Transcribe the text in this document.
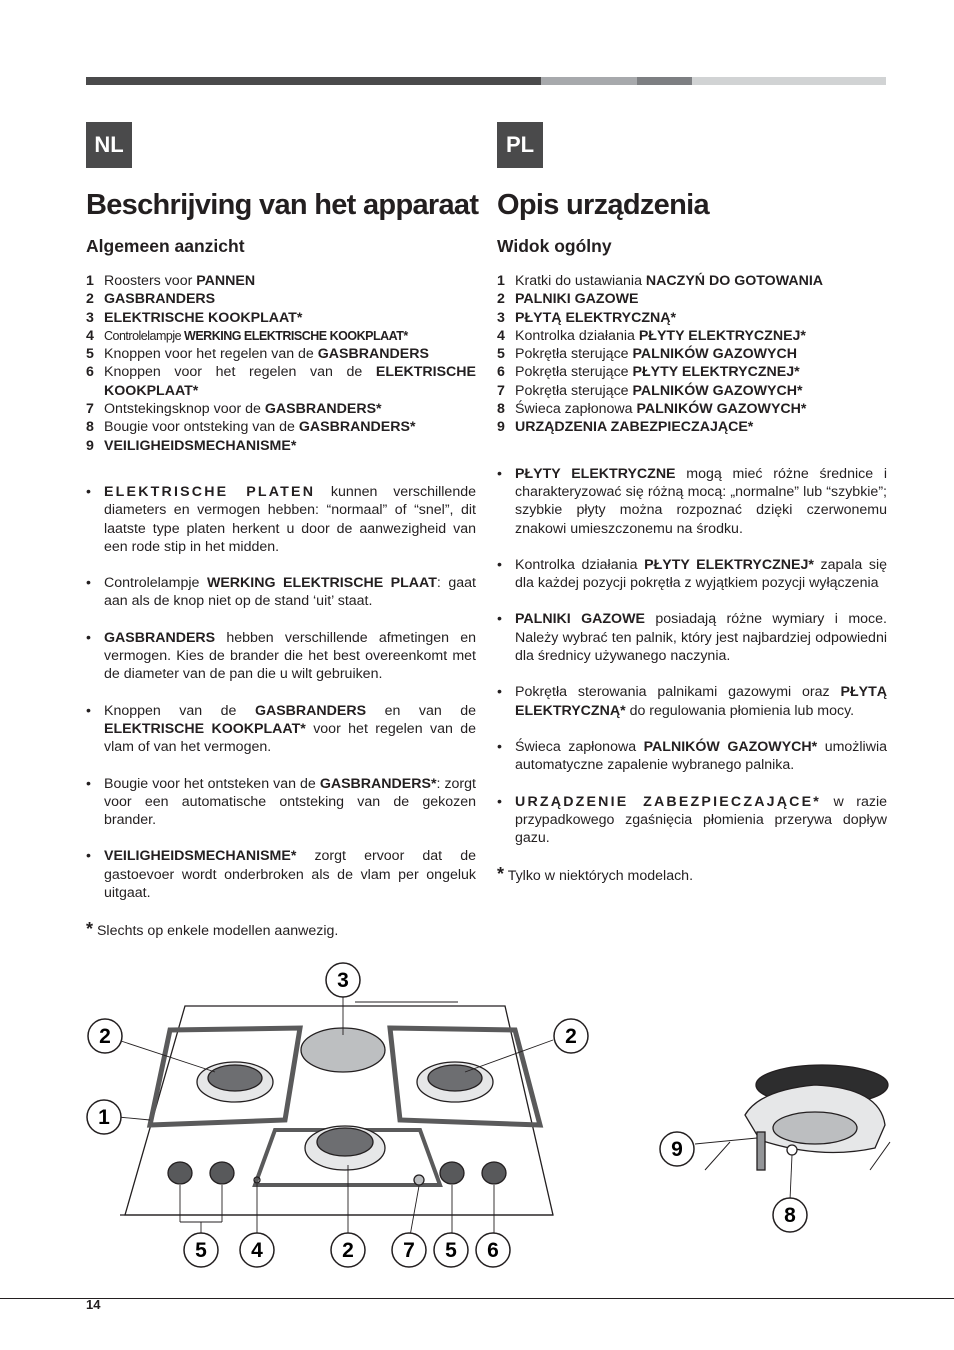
NL
Beschrijving van het apparaat
Algemeen aanzicht
1 Roosters voor PANNEN
2 GASBRANDERS
3 ELEKTRISCHE KOOKPLAAT*
4 Controlelampje WERKING ELEKTRISCHE KOOKPLAAT*
5 Knoppen voor het regelen van de GASBRANDERS
6 Knoppen voor het regelen van de ELEKTRISCHE KOOKPLAAT*
7 Ontstekingsknop voor de GASBRANDERS*
8 Bougie voor ontsteking van de GASBRANDERS*
9 VEILIGHEIDSMECHANISME*
• ELEKTRISCHE PLATEN kunnen verschillende diameters en vermogen hebben: “normaal” of “snel”, dit laatste type platen herkent u door de aanwezigheid van een rode stip in het midden.
• Controlelampje WERKING ELEKTRISCHE PLAAT: gaat aan als de knop niet op de stand ‘uit’ staat.
• GASBRANDERS hebben verschillende afmetingen en vermogen. Kies de brander die het best overeenkomt met de diameter van de pan die u wilt gebruiken.
• Knoppen van de GASBRANDERS en van de ELEKTRISCHE KOOKPLAAT* voor het regelen van de vlam of van het vermogen.
• Bougie voor het ontsteken van de GASBRANDERS*: zorgt voor een automatische ontsteking van de gekozen brander.
• VEILIGHEIDSMECHANISME* zorgt ervoor dat de gastoevoer wordt onderbroken als de vlam per ongeluk uitgaat.
* Slechts op enkele modellen aanwezig.
PL
Opis urządzenia
Widok ogólny
1 Kratki do ustawiania NACZYŃ DO GOTOWANIA
2 PALNIKI GAZOWE
3 PŁYTĄ ELEKTRYCZNĄ*
4 Kontrolka działania PŁYTY ELEKTRYCZNEJ*
5 Pokrętła sterujące PALNIKÓW GAZOWYCH
6 Pokrętła sterujące PŁYTY ELEKTRYCZNEJ*
7 Pokrętła sterujące PALNIKÓW GAZOWYCH*
8 Świeca zapłonowa PALNIKÓW GAZOWYCH*
9 URZĄDZENIA ZABEZPIECZAJĄCE*
• PŁYTY ELEKTRYCZNE mogą mieć różne średnice i charakteryzować się różną mocą: „normalne” lub “szybkie”; szybkie płyty można rozpoznać dzięki czerwonemu znakowi umieszczonemu na środku.
• Kontrolka działania PŁYTY ELEKTRYCZNEJ* zapala się dla każdej pozycji pokrętła z wyjątkiem pozycji wyłączenia
• PALNIKI GAZOWE posiadają różne wymiary i moce. Należy wybrać ten palnik, który jest najbardziej odpowiedni dla średnicy używanego naczynia.
• Pokrętła sterowania palnikami gazowymi oraz PŁYTĄ ELEKTRYCZNĄ* do regulowania płomienia lub mocy.
• Świeca zapłonowa PALNIKÓW GAZOWYCH* umożliwia automatyczne zapalenie wybranego palnika.
• URZĄDZENIE ZABEZPIECZAJĄCE* w razie przypadkowego zgaśnięcia płomienia przerywa dopływ gazu.
* Tylko w niektórych modelach.
3
2	2
1
5 4	2 7 5 6
9
8
14
